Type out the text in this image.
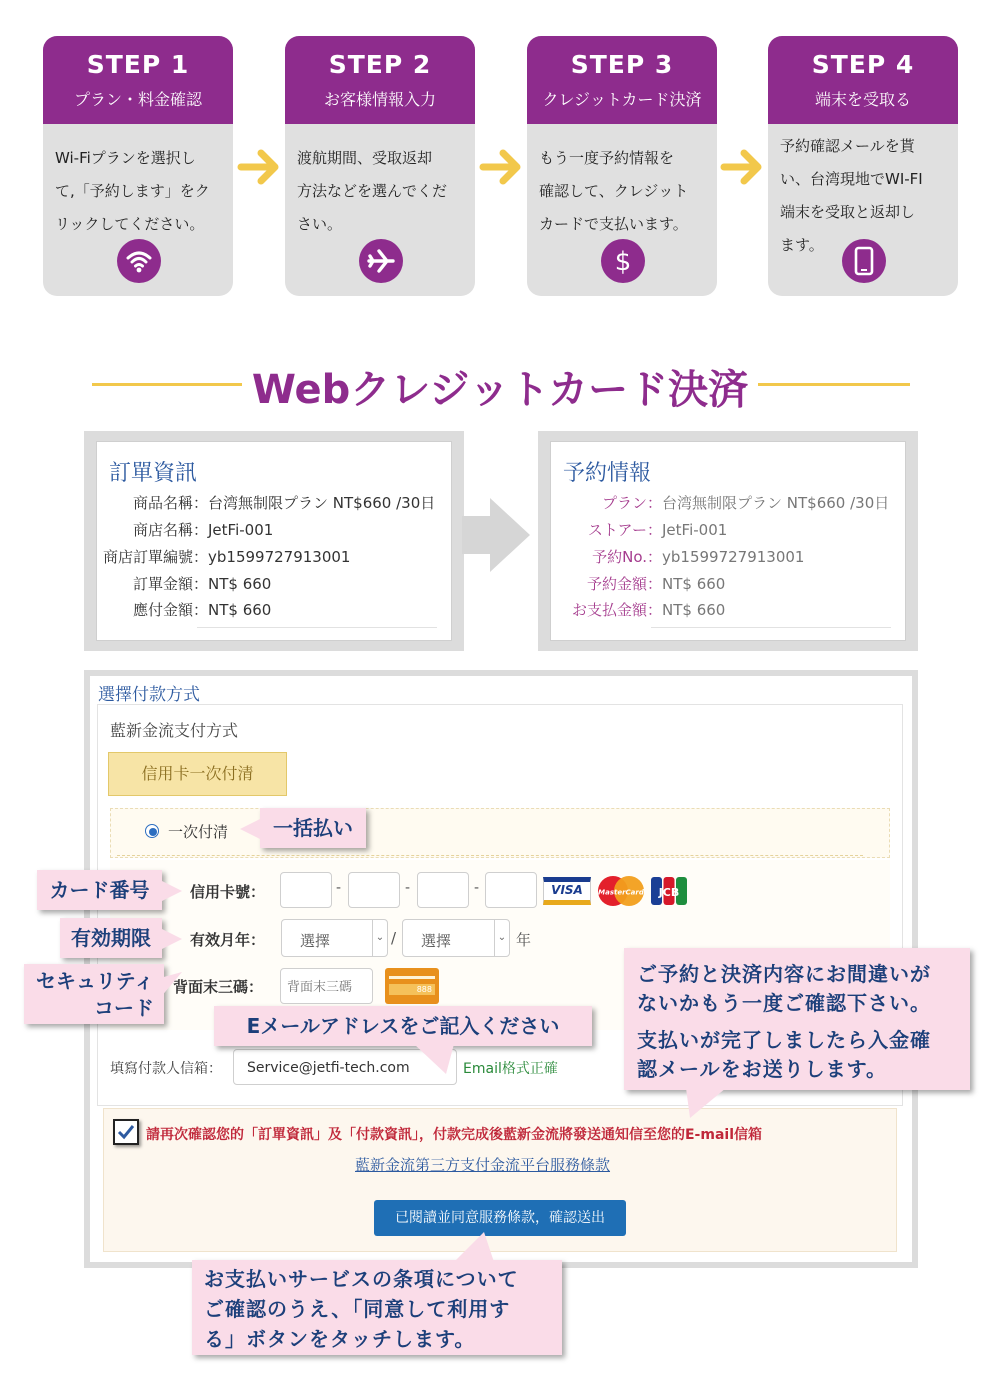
STEP 1
プラン・料金確認
Wi-Fiプランを選択し
て,「予約します」をク
リックしてください。
STEP 2
お客様情報入力
渡航期間、受取返却
方法などを選んでくだ
さい。
STEP 3
クレジットカード決済
もう一度予約情報を
確認して、クレジット
カードで支払います。
$
STEP 4
端末を受取る
予約確認メールを貰
い、台湾現地でWI-FI
端末を受取と返却し
ます。
Webクレジットカード決済
訂單資訊
商品名稱：台湾無制限プラン NT$660 /30日
商店名稱：JetFi-001
商店訂單編號：yb1599727913001
訂單金額：NT$ 660
應付金額：NT$ 660
予約情報
プラン：台湾無制限プラン NT$660 /30日
ストアー：JetFi-001
予約No.：yb1599727913001
予約金額：NT$ 660
お支払金額：NT$ 660
選擇付款方式
藍新金流支付方式
信用卡一次付清
一次付清
信用卡號：	-	-	-	VISA	MasterCard JCB
有效月年：	選擇	⌄ /	選擇	⌄ 年
背面末三碼：
背面末三碼	888
填寫付款人信箱：	Service@jetfi-tech.com	Email格式正確
請再次確認您的「訂單資訊」及「付款資訊」，付款完成後藍新金流將發送通知信至您的E-mail信箱
藍新金流第三方支付金流平台服務條款
已閱讀並同意服務條款，確認送出
一括払い
カード番号
有効期限
セキュリティ
コード
Eメールアドレスをご記入ください
ご予約と決済内容にお間違いが
ないかもう一度ご確認下さい。
支払いが完了しましたら入金確
認メールをお送りします。
お支払いサービスの条項について
ご確認のうえ、「同意して利用す
る」ボタンをタッチします。
